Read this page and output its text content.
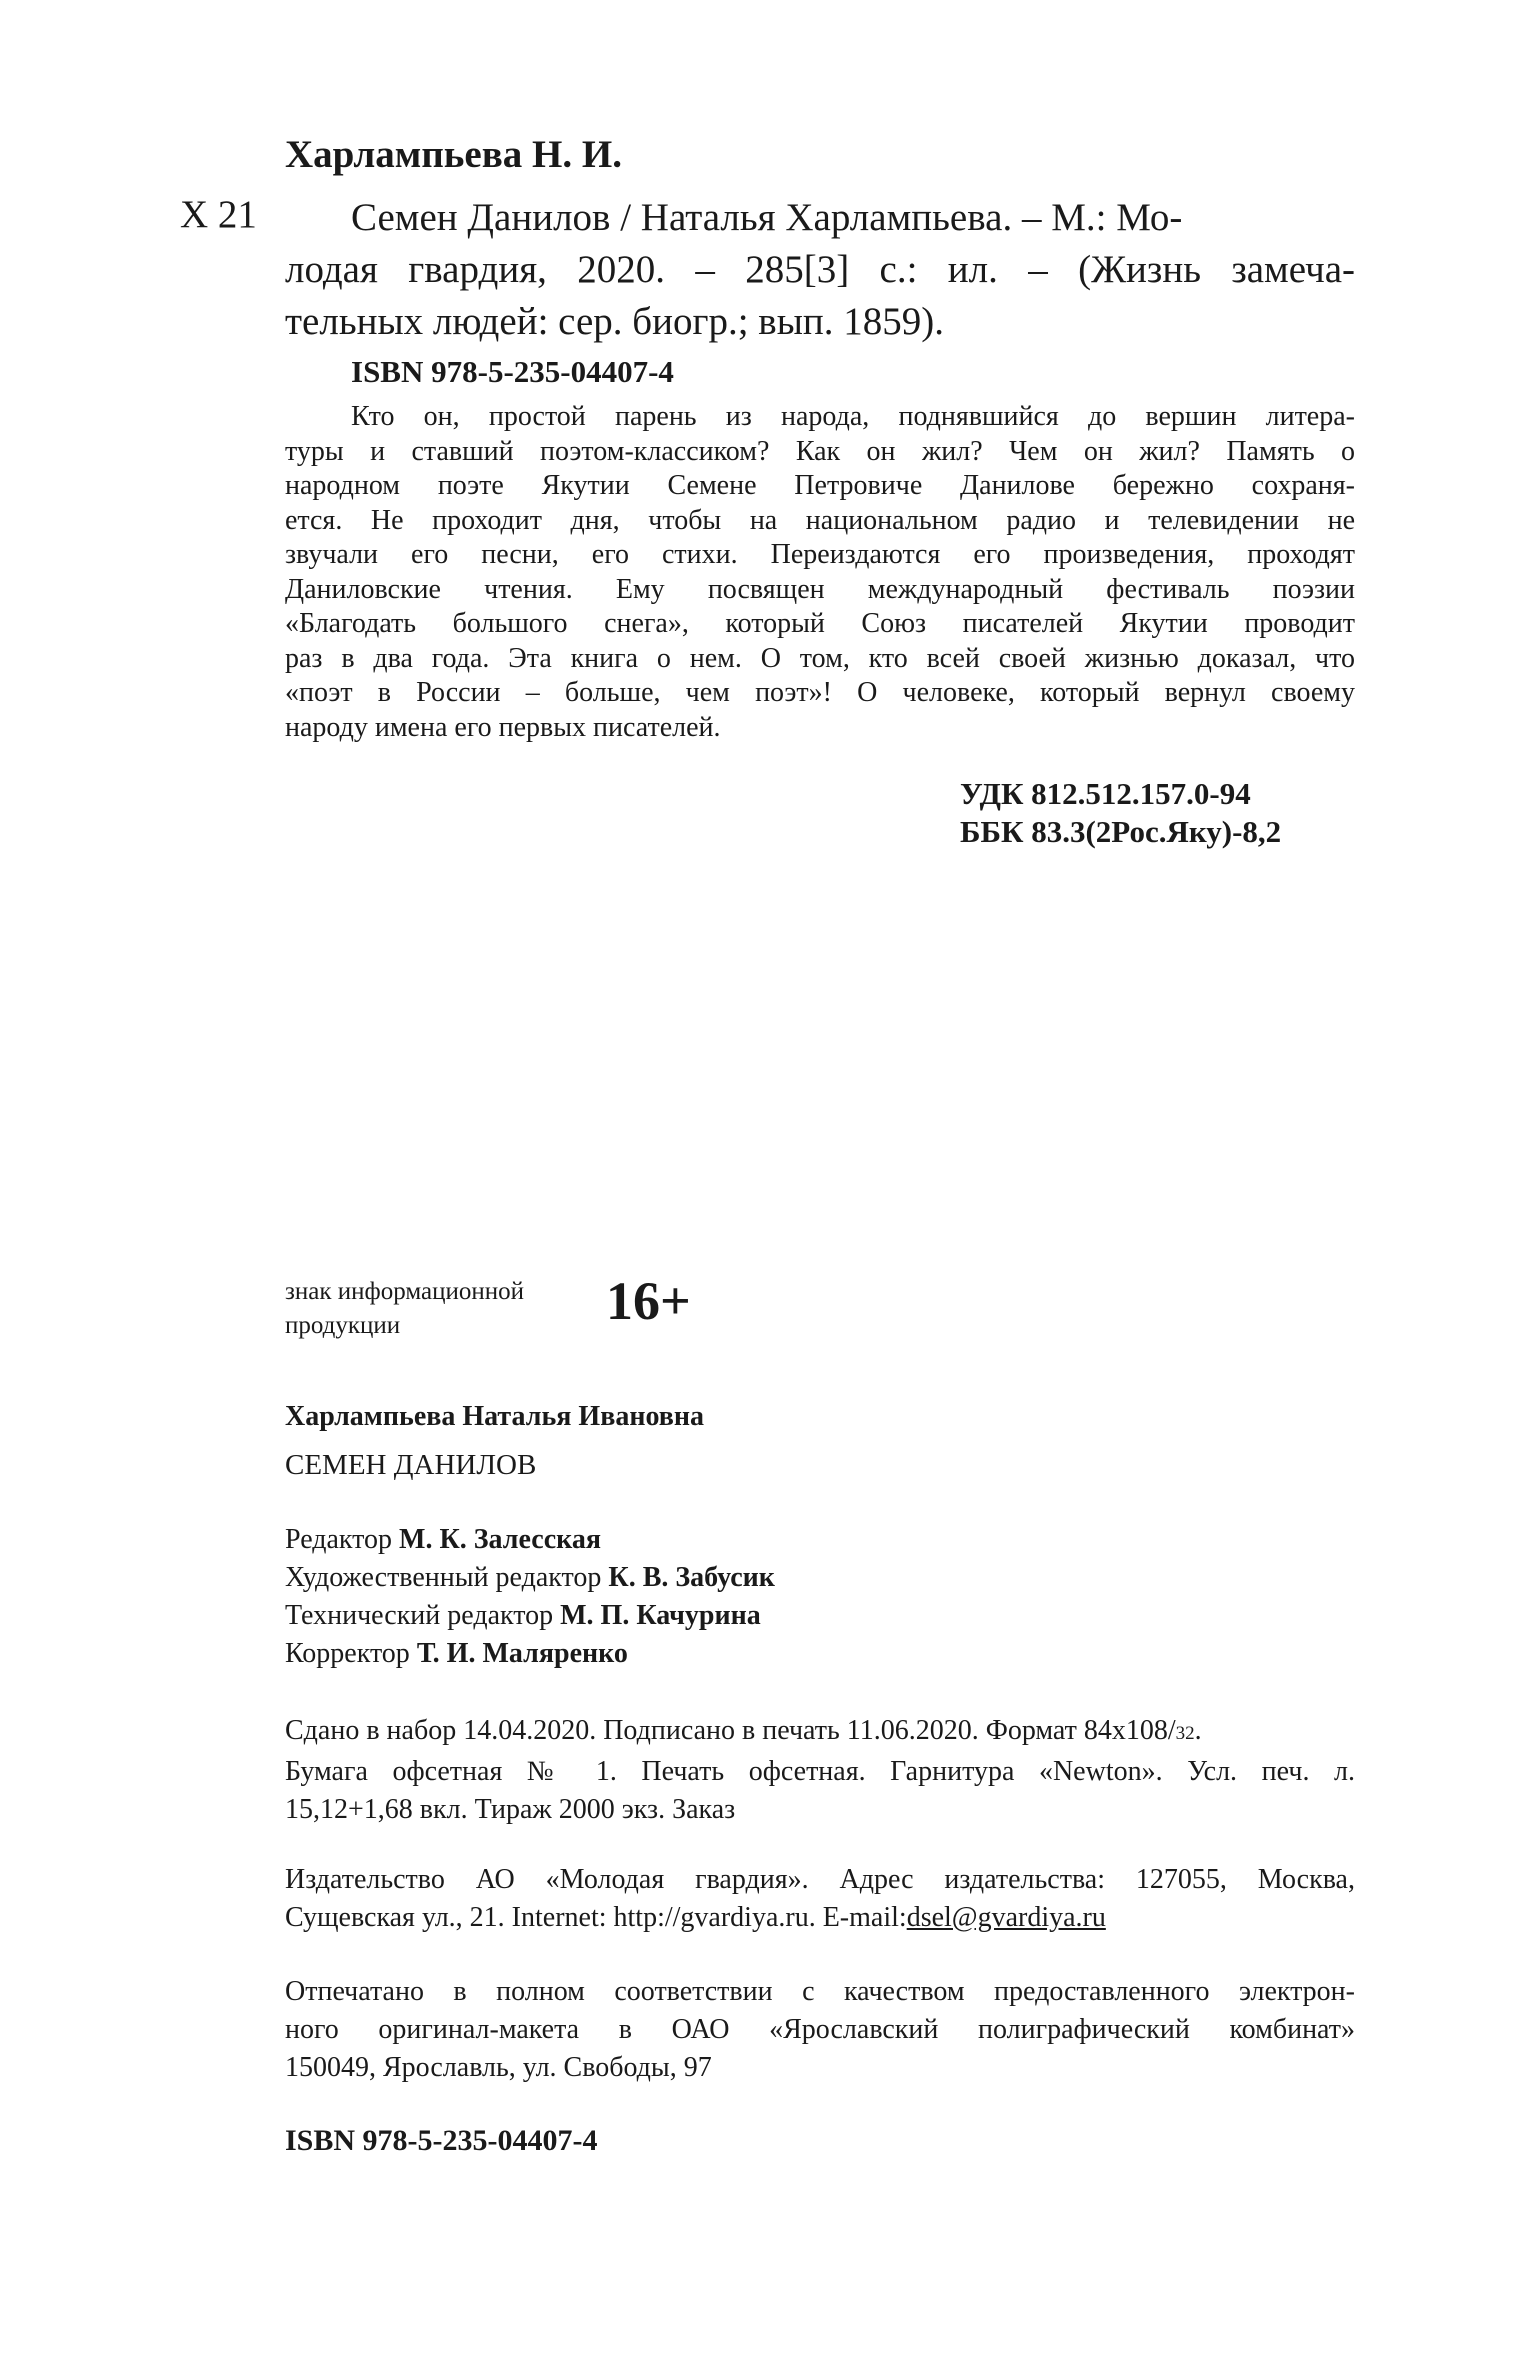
Харлампьева Н. И.
Х 21	Семен Данилов / Наталья Харлампьева. – М.: Мо-
лодая гвардия, 2020. – 285[3] с.: ил. – (Жизнь замеча-
тельных людей: сер. биогр.; вып. 1859).
ISBN 978-5-235-04407-4
Кто он, простой парень из народа, поднявшийся до вершин литера-
туры и ставший поэтом-классиком? Как он жил? Чем он жил? Память о
народном поэте Якутии Семене Петровиче Данилове бережно сохраня-
ется. Не проходит дня, чтобы на национальном радио и телевидении не
звучали его песни, его стихи. Переиздаются его произведения, проходят
Даниловские чтения. Ему посвящен международный фестиваль поэзии
«Благодать большого снега», который Союз писателей Якутии проводит
раз в два года. Эта книга о нем. О том, кто всей своей жизнью доказал, что
«поэт в России – больше, чем поэт»! О человеке, который вернул своему
народу имена его первых писателей.
УДК 812.512.157.0-94
ББК 83.3(2Рос.Яку)-8,2
знак информационной
продукции	16+
Харлампьева Наталья Ивановна
СЕМЕН ДАНИЛОВ
Редактор М. К. Залесская
Художественный редактор К. В. Забусик
Технический редактор М. П. Качурина
Корректор Т. И. Маляренко
Сдано в набор 14.04.2020. Подписано в печать 11.06.2020. Формат 84х108/32.
Бумага офсетная № 1. Печать офсетная. Гарнитура «Newton». Усл. печ. л.
15,12+1,68 вкл. Тираж 2000 экз. Заказ
Издательство АО «Молодая гвардия». Адрес издательства: 127055, Москва,
Сущевская ул., 21. Internet: http://gvardiya.ru. E-mail:dsel@gvardiya.ru
Отпечатано в полном соответствии с качеством предоставленного электрон-
ного оригинал-макета в ОАО «Ярославский полиграфический комбинат»
150049, Ярославль, ул. Свободы, 97
ISBN 978-5-235-04407-4
